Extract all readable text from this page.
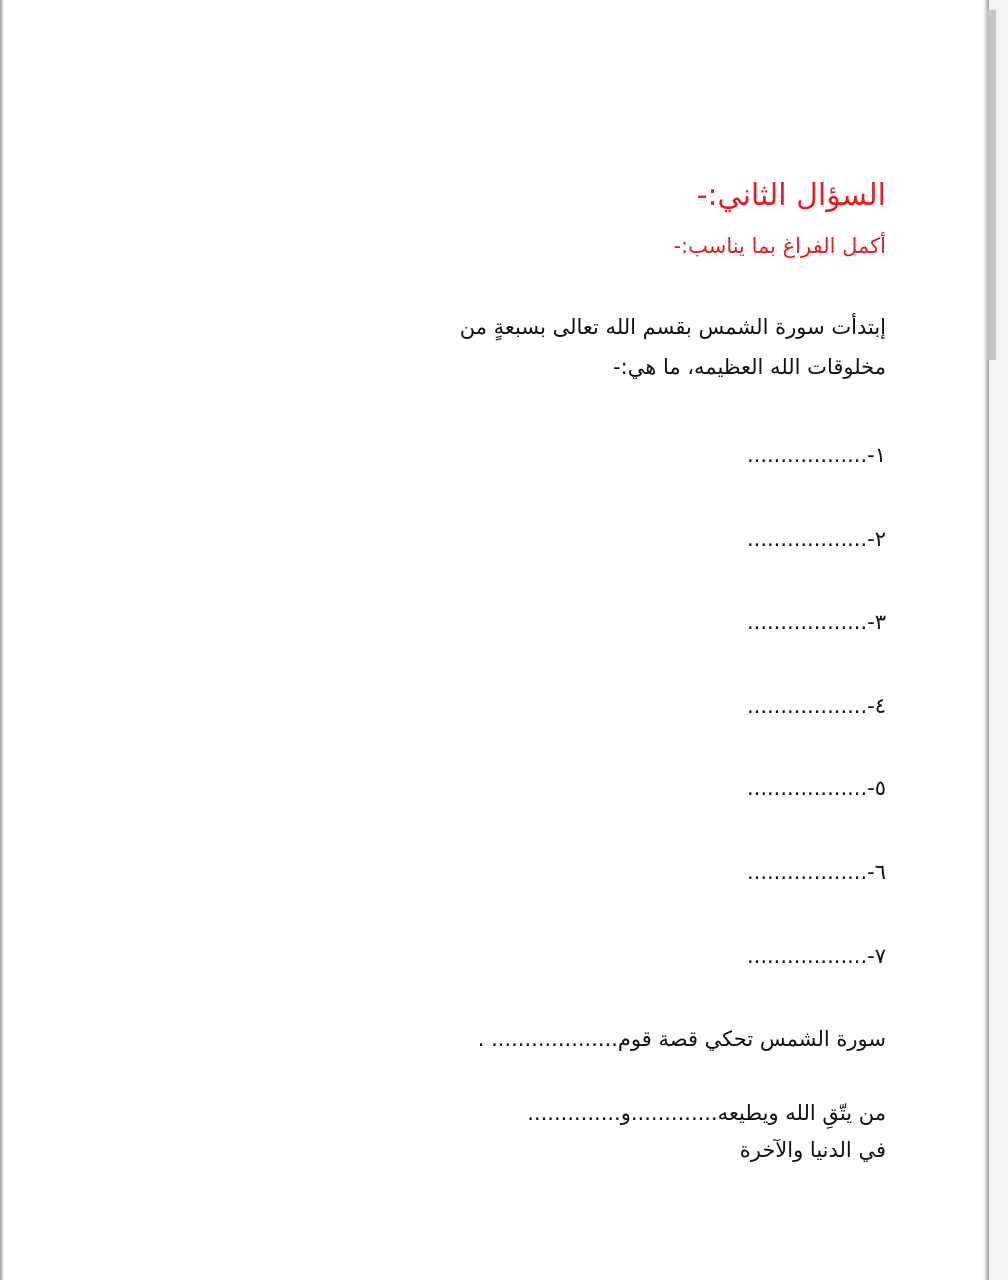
السؤال الثاني:-

أكمل الفراغ بما يناسب:-

إبتدأت سورة الشمس بقسم الله تعالى بسبعةٍ من

مخلوقات الله العظيمه، ما هي:-

١-..................

٢-..................

٣-..................

٤-..................

٥-..................

٦-..................

٧-..................

سورة الشمس تحكي قصة قوم................... .

من يتّقِ الله ويطيعه.............و..............

في الدنيا والآخرة
